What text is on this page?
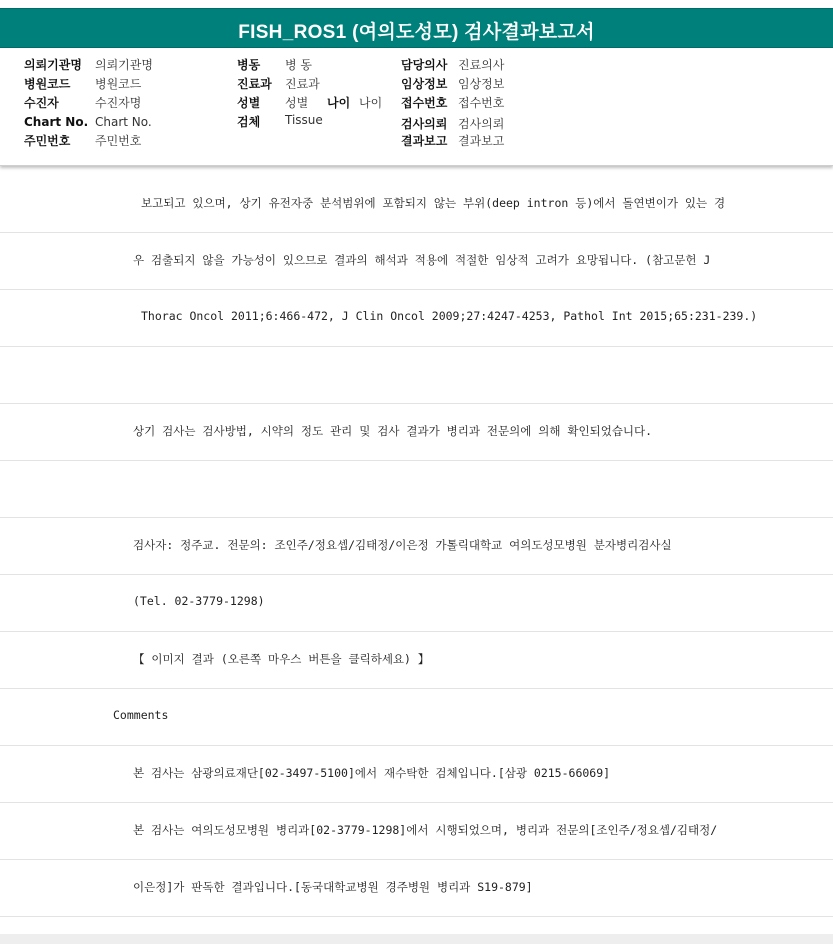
FISH_ROS1 (여의도성모) 검사결과보고서
의뢰기관명 의뢰기관명
병원코드 병원코드
수진자	수진자명
Chart No. Chart No.
주민번호 주민번호
병동 병 동
진료과 진료과
성별 성별 나이 나이
검체 Tissue
담당의사 진료의사
임상정보 임상정보
접수번호 접수번호
검사의뢰 검사의뢰
결과보고 결과보고
보고되고 있으며, 상기 유전자중 분석범위에 포함되지 않는 부위(deep intron 등)에서 돌연변이가 있는 경
우 검출되지 않을 가능성이 있으므로 결과의 해석과 적용에 적절한 임상적 고려가 요망됩니다. (참고문헌 J
Thorac Oncol 2011;6:466-472, J Clin Oncol 2009;27:4247-4253, Pathol Int 2015;65:231-239.)
상기 검사는 검사방법, 시약의 정도 관리 및 검사 결과가 병리과 전문의에 의해 확인되었습니다.
검사자: 정주교. 전문의: 조인주/정요셉/김태정/이은정 가톨릭대학교 여의도성모병원 분자병리검사실
(Tel. 02-3779-1298)
【 이미지 결과 (오른쪽 마우스 버튼을 클릭하세요) 】
Comments
본 검사는 삼광의료재단[02-3497-5100]에서 재수탁한 검체입니다.[삼광 0215-66069]
본 검사는 여의도성모병원 병리과[02-3779-1298]에서 시행되었으며, 병리과 전문의[조인주/정요셉/김태정/
이은정]가 판독한 결과입니다.[동국대학교병원 경주병원 병리과 S19-879]
